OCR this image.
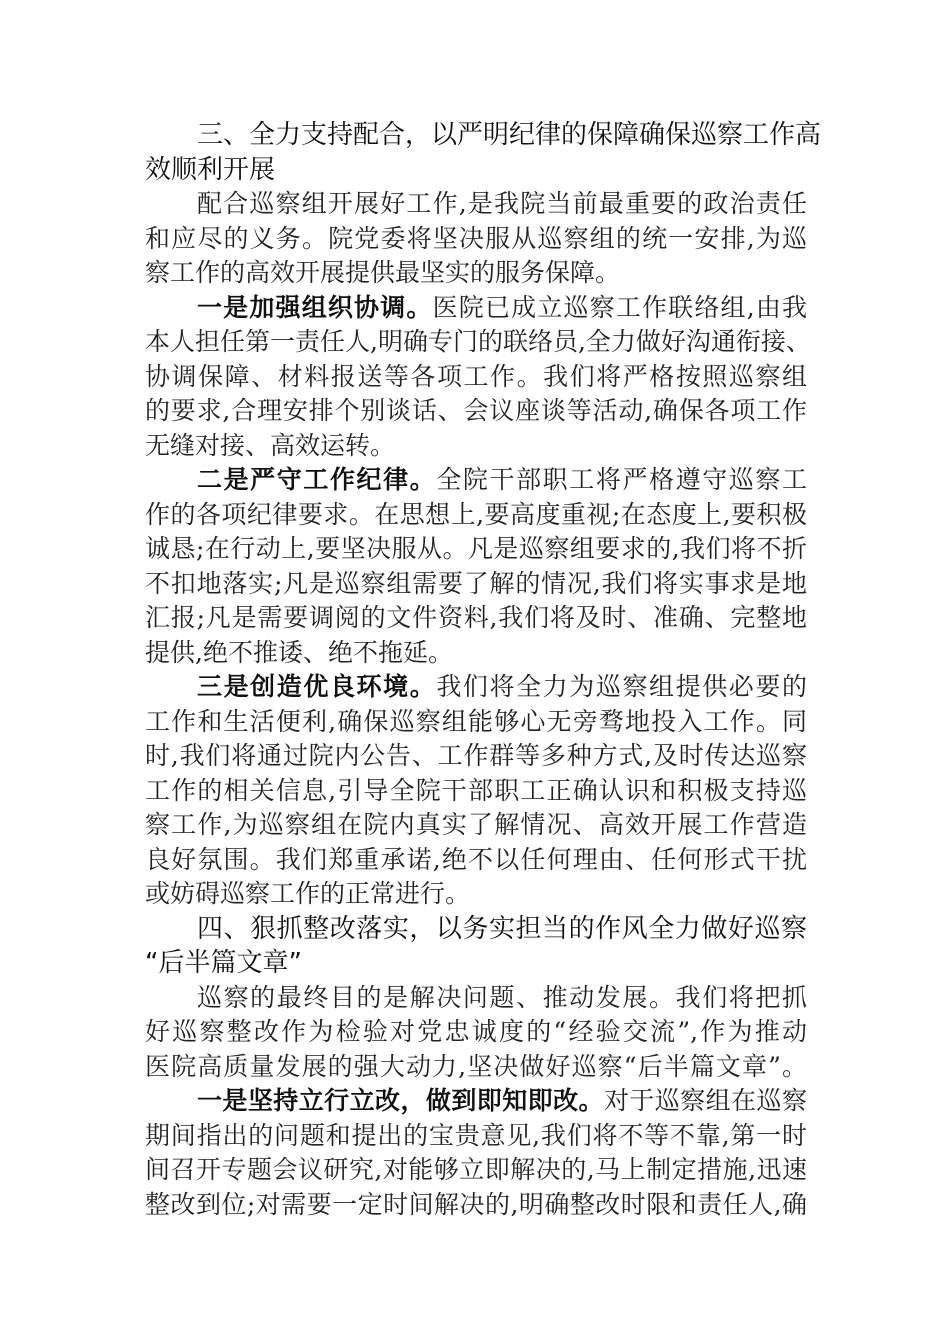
三、全力支持配合，以严明纪律的保障确保巡察工作高
效顺利开展
配合巡察组开展好工作,是我院当前最重要的政治责任
和应尽的义务。院党委将坚决服从巡察组的统一安排,为巡
察工作的高效开展提供最坚实的服务保障。
一是加强组织协调。医院已成立巡察工作联络组,由我
本人担任第一责任人,明确专门的联络员,全力做好沟通衔接、
协调保障、材料报送等各项工作。我们将严格按照巡察组
的要求,合理安排个别谈话、会议座谈等活动,确保各项工作
无缝对接、高效运转。
二是严守工作纪律。全院干部职工将严格遵守巡察工
作的各项纪律要求。在思想上,要高度重视;在态度上,要积极
诚恳;在行动上,要坚决服从。凡是巡察组要求的,我们将不折
不扣地落实;凡是巡察组需要了解的情况,我们将实事求是地
汇报;凡是需要调阅的文件资料,我们将及时、准确、完整地
提供,绝不推诿、绝不拖延。
三是创造优良环境。我们将全力为巡察组提供必要的
工作和生活便利,确保巡察组能够心无旁骛地投入工作。同
时,我们将通过院内公告、工作群等多种方式,及时传达巡察
工作的相关信息,引导全院干部职工正确认识和积极支持巡
察工作,为巡察组在院内真实了解情况、高效开展工作营造
良好氛围。我们郑重承诺,绝不以任何理由、任何形式干扰
或妨碍巡察工作的正常进行。
四、狠抓整改落实，以务实担当的作风全力做好巡察
“后半篇文章”
巡察的最终目的是解决问题、推动发展。我们将把抓
好巡察整改作为检验对党忠诚度的“经验交流”,作为推动
医院高质量发展的强大动力,坚决做好巡察“后半篇文章”。
一是坚持立行立改，做到即知即改。对于巡察组在巡察
期间指出的问题和提出的宝贵意见,我们将不等不靠,第一时
间召开专题会议研究,对能够立即解决的,马上制定措施,迅速
整改到位;对需要一定时间解决的,明确整改时限和责任人,确
